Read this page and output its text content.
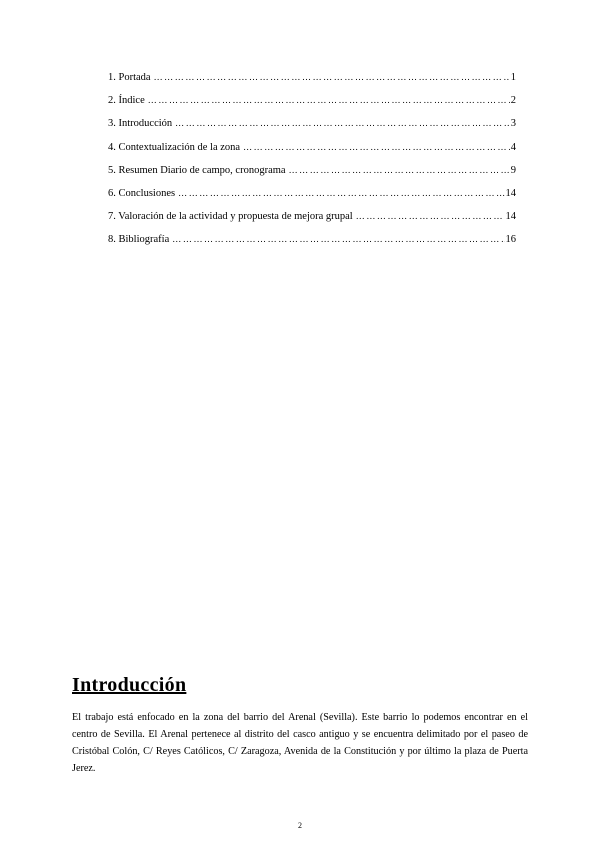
1. Portada …………………………………………………………………………………………………………………………………………………………	1
2. Índice …………………………………………………………………………………………………………………………………………………………	2
3. Introducción …………………………………………………………………………………………………………………………………………………………	3
4. Contextualización de la zona …………………………………………………………………………………………………………………………………………………………	4
5. Resumen Diario de campo, cronograma …………………………………………………………………………………………………………………………………………………………	9
6. Conclusiones …………………………………………………………………………………………………………………………………………………………	14
7. Valoración de la actividad y propuesta de mejora grupal …………………………………………………………………………………………………………………………………………………………	14
8. Bibliografía …………………………………………………………………………………………………………………………………………………………	16
Introducción

El trabajo está enfocado en la zona del barrio del Arenal (Sevilla). Este barrio lo podemos encontrar en el centro de Sevilla. El Arenal pertenece al distrito del casco antiguo y se encuentra delimitado por el paseo de Cristóbal Colón, C/ Reyes Católicos, C/ Zaragoza, Avenida de la Constitución y por último la plaza de Puerta Jerez.

2
